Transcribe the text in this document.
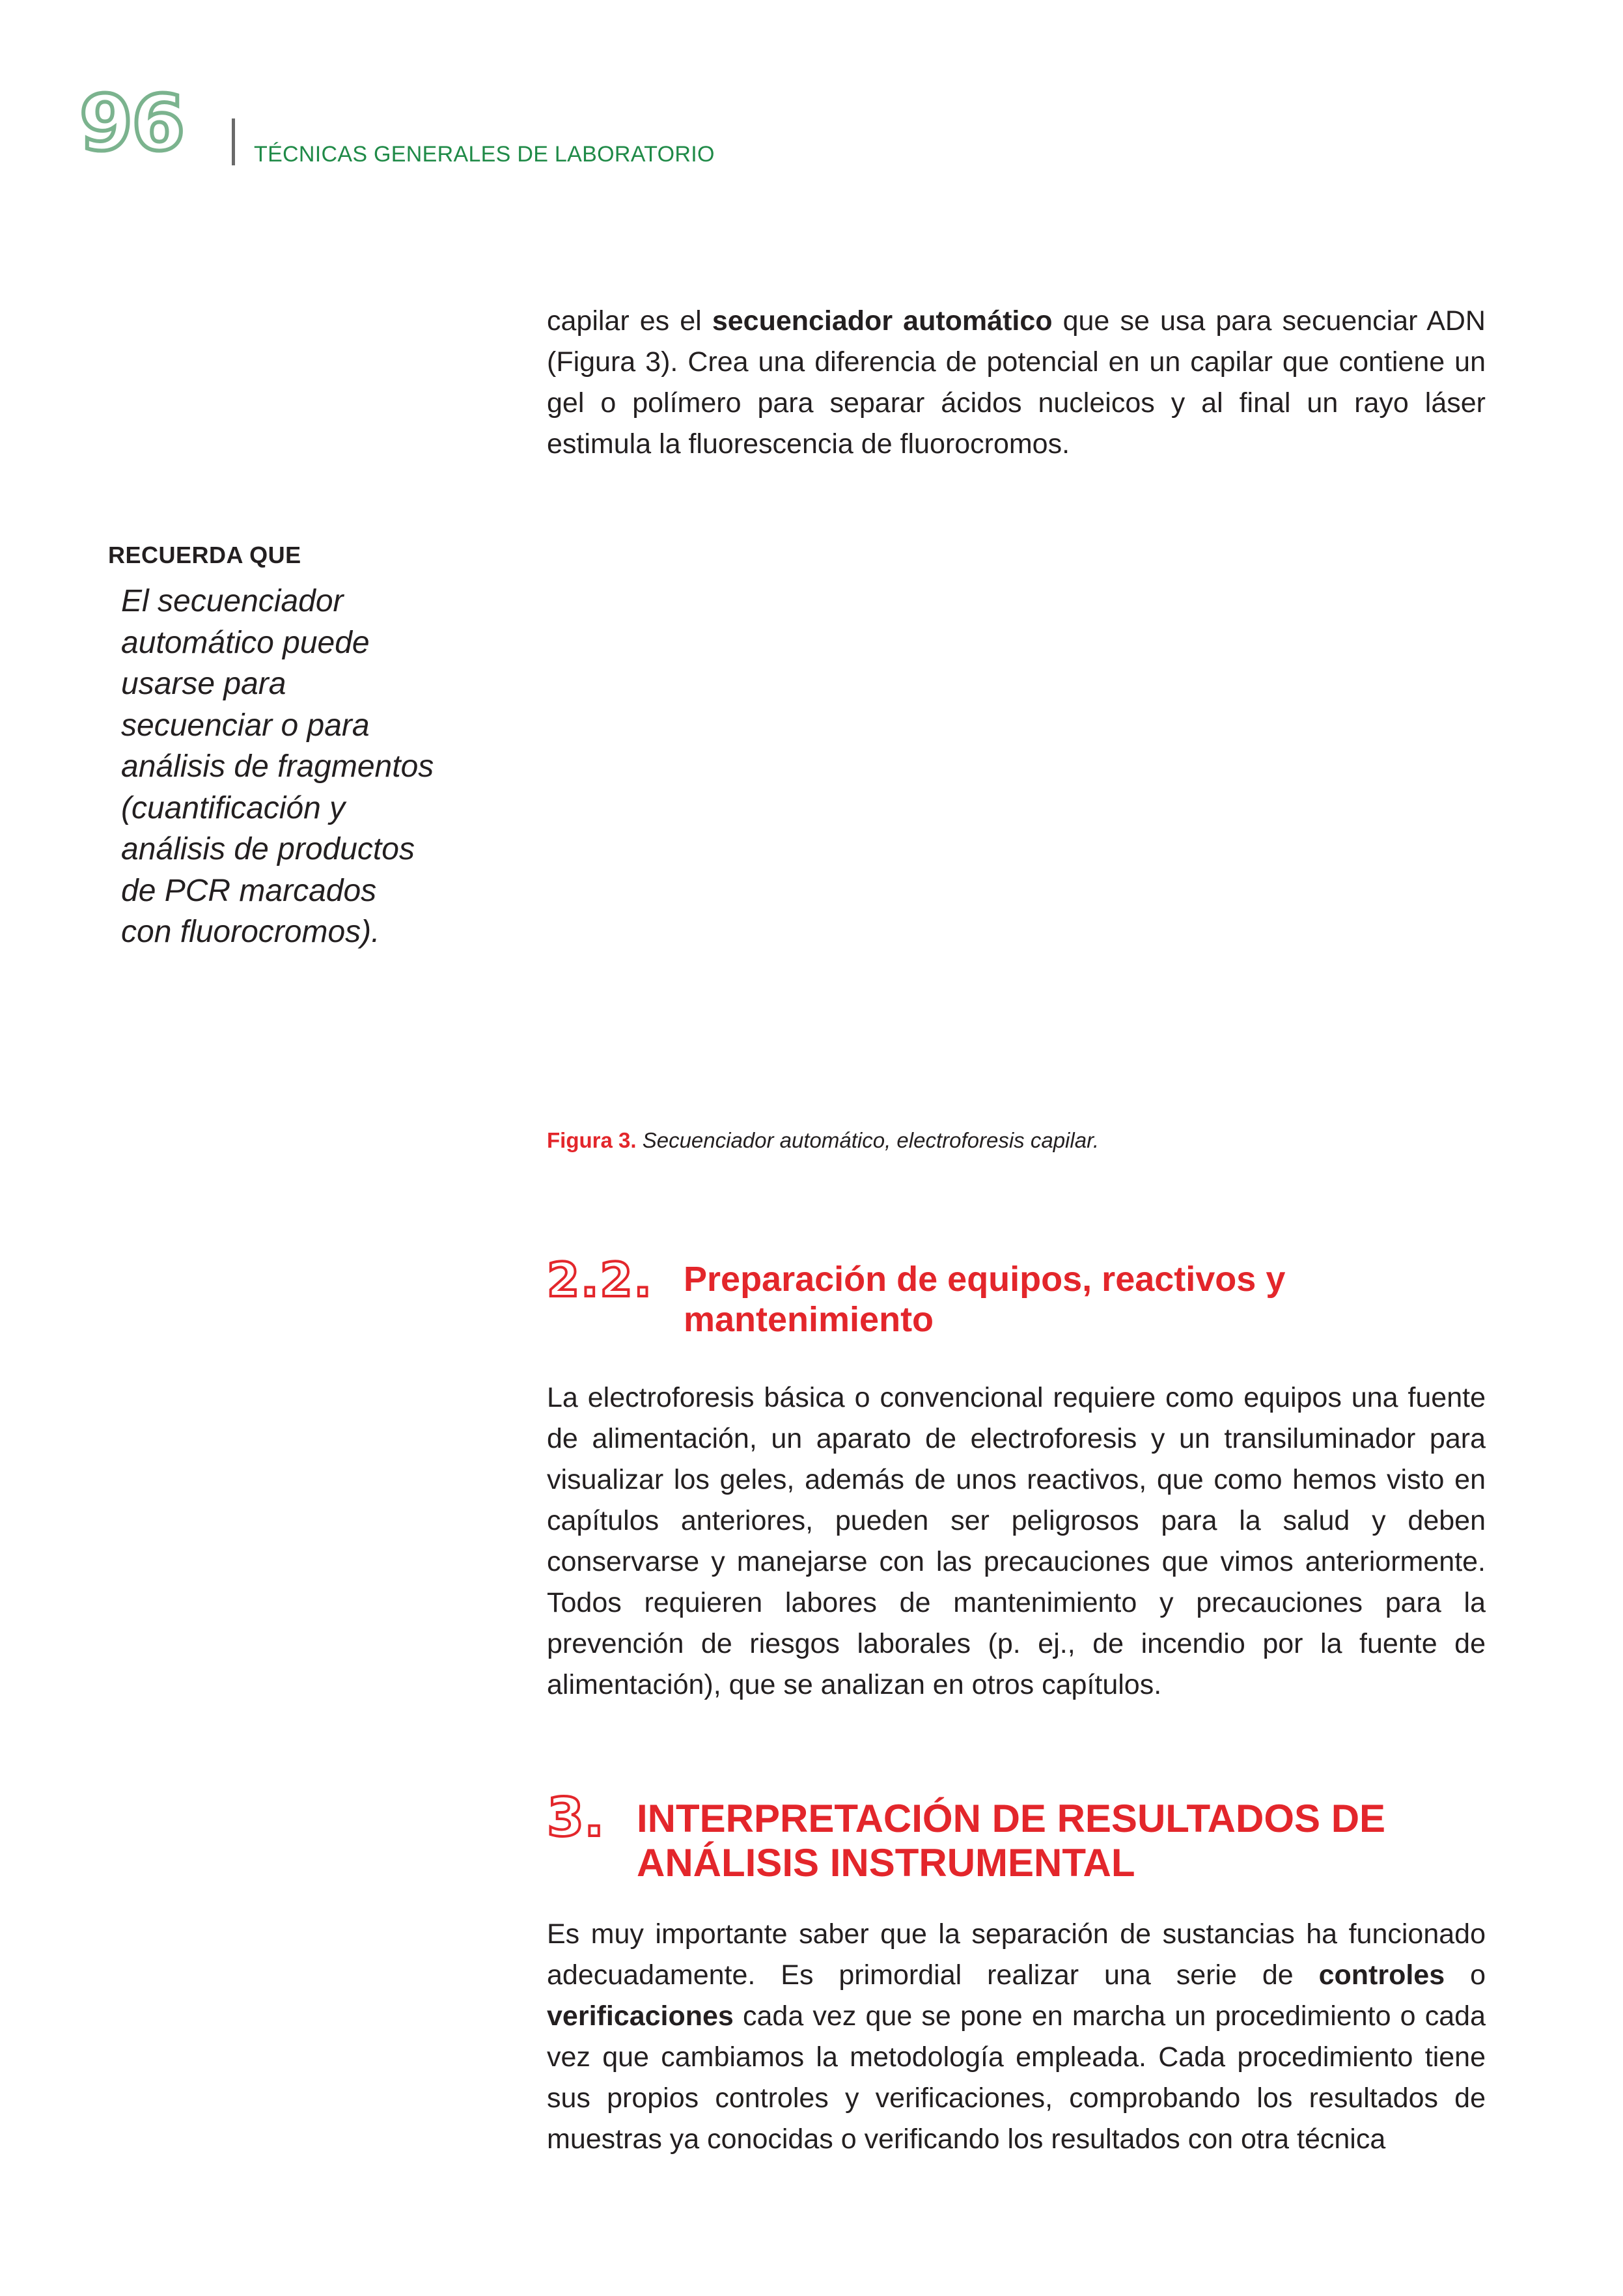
96	TÉCNICAS GENERALES DE LABORATORIO

capilar es el secuenciador automático que se usa para secuenciar ADN (Figura 3). Crea una diferencia de potencial en un capilar que contiene un gel o polímero para separar ácidos nucleicos y al final un rayo láser estimula la fluorescencia de fluorocromos.

RECUERDA QUE

El secuenciador
automático puede
usarse para
secuenciar o para
análisis de fragmentos
(cuantificación y
análisis de productos
de PCR marcados
con fluorocromos).

Figura 3. Secuenciador automático, electroforesis capilar.
2.2. Preparación de equipos, reactivos y mantenimiento

La electroforesis básica o convencional requiere como equipos una fuente de alimentación, un aparato de electroforesis y un transiluminador para visualizar los geles, además de unos reactivos, que como hemos visto en capítulos anteriores, pueden ser peligrosos para la salud y deben conservarse y manejarse con las precauciones que vimos anteriormente. Todos requieren labores de mantenimiento y precauciones para la prevención de riesgos laborales (p. ej., de incendio por la fuente de alimentación), que se analizan en otros capítulos.

3. INTERPRETACIÓN DE RESULTADOS DE ANÁLISIS INSTRUMENTAL

Es muy importante saber que la separación de sustancias ha funcionado adecuadamente. Es primordial realizar una serie de controles o verificaciones cada vez que se pone en marcha un procedimiento o cada vez que cambiamos la metodología empleada. Cada procedimiento tiene sus propios controles y verificaciones, comprobando los resultados de muestras ya conocidas o verificando los resultados con otra técnica
